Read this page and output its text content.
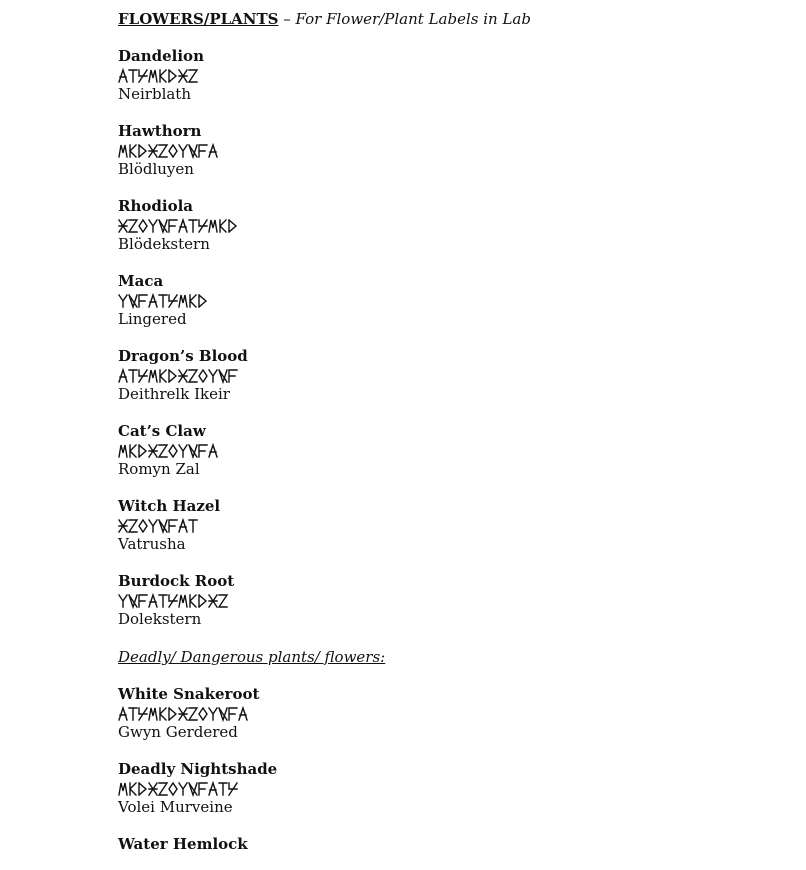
FLOWERS/PLANTS – For Flower/Plant Labels in Lab
Dandelion
Neirblath
Hawthorn
Blödluyen
Rhodiola
Blödekstern
Maca
Lingered
Dragon’s Blood
Deithrelk Ikeir
Cat’s Claw
Romyn Zal
Witch Hazel
Vatrusha
Burdock Root
Dolekstern
Deadly/ Dangerous plants/ flowers:
White Snakeroot
Gwyn Gerdered
Deadly Nightshade
Volei Murveine
Water Hemlock
